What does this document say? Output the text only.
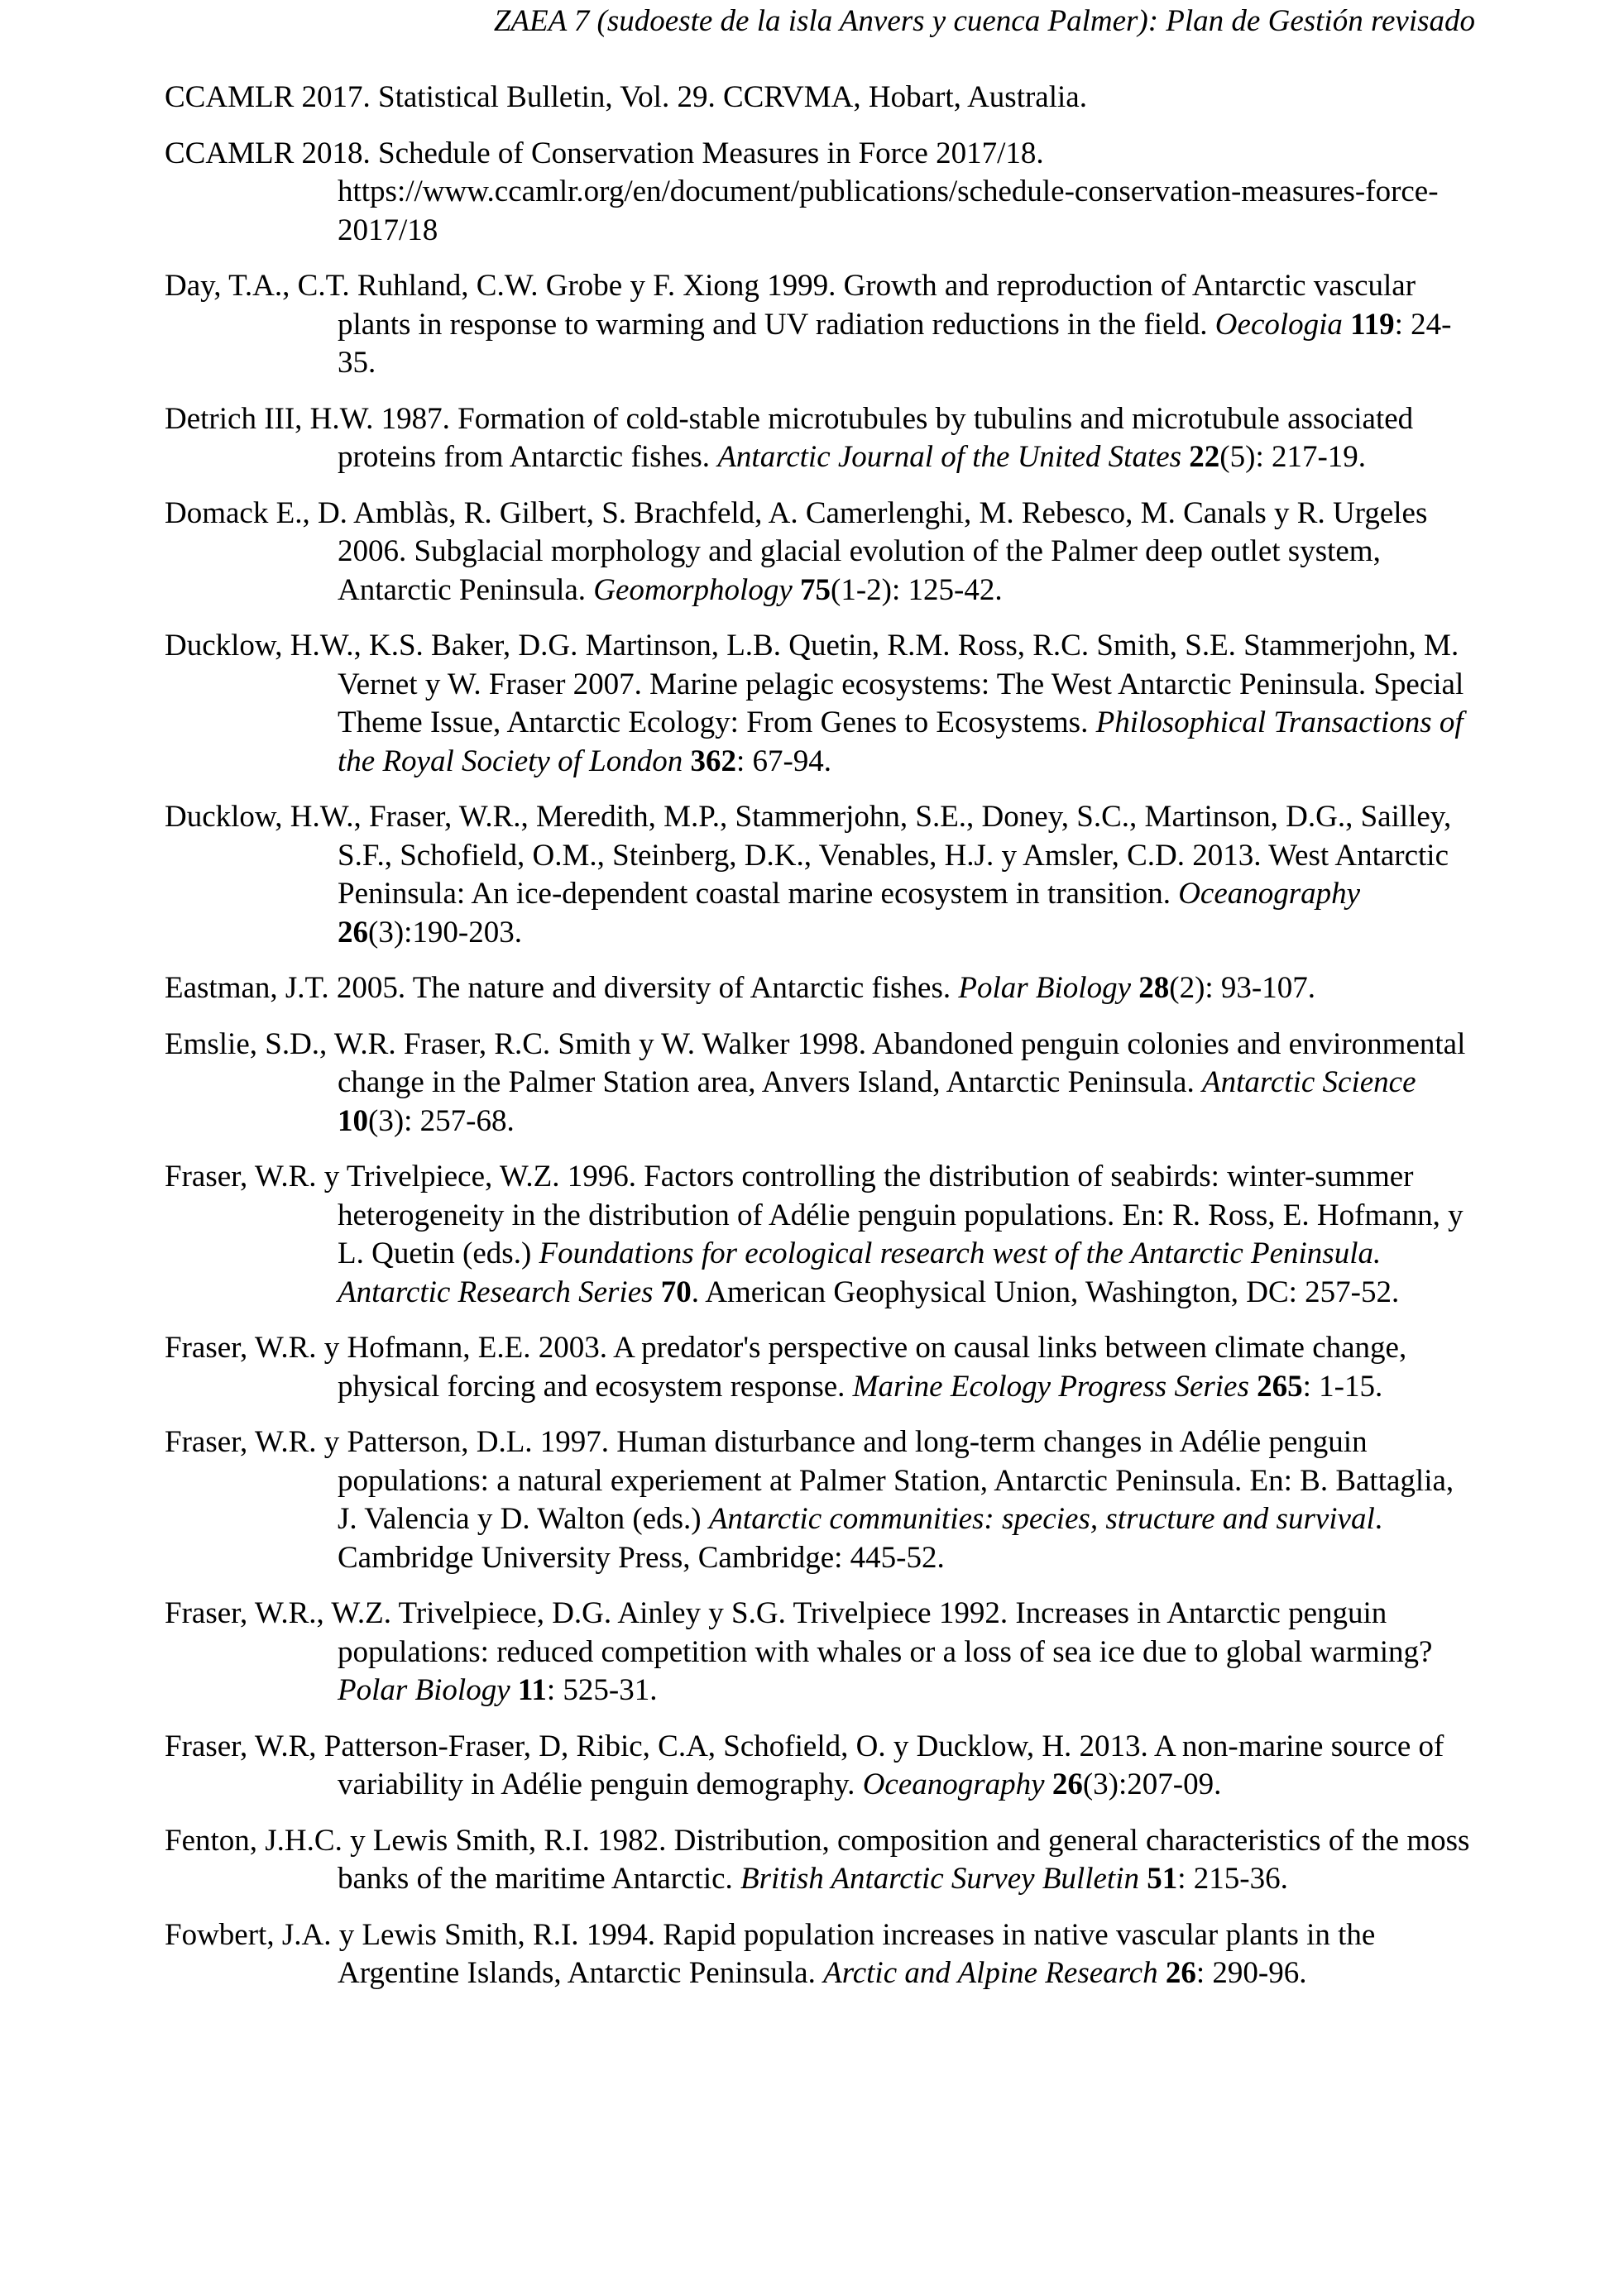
ZAEA 7 (sudoeste de la isla Anvers y cuenca Palmer): Plan de Gestión revisado

CCAMLR 2017. Statistical Bulletin, Vol. 29. CCRVMA, Hobart, Australia.

CCAMLR 2018. Schedule of Conservation Measures in Force 2017/18. https://www.ccamlr.org/en/document/publications/schedule-conservation-measures-force-2017/18

Day, T.A., C.T. Ruhland, C.W. Grobe y F. Xiong 1999. Growth and reproduction of Antarctic vascular plants in response to warming and UV radiation reductions in the field. Oecologia 119: 24-35.

Detrich III, H.W. 1987. Formation of cold-stable microtubules by tubulins and microtubule associated proteins from Antarctic fishes. Antarctic Journal of the United States 22(5): 217-19.

Domack E., D. Amblàs, R. Gilbert, S. Brachfeld, A. Camerlenghi, M. Rebesco, M. Canals y R. Urgeles 2006. Subglacial morphology and glacial evolution of the Palmer deep outlet system, Antarctic Peninsula. Geomorphology 75(1-2): 125-42.

Ducklow, H.W., K.S. Baker, D.G. Martinson, L.B. Quetin, R.M. Ross, R.C. Smith, S.E. Stammerjohn, M. Vernet y W. Fraser 2007. Marine pelagic ecosystems: The West Antarctic Peninsula. Special Theme Issue, Antarctic Ecology: From Genes to Ecosystems. Philosophical Transactions of the Royal Society of London 362: 67-94.

Ducklow, H.W., Fraser, W.R., Meredith, M.P., Stammerjohn, S.E., Doney, S.C., Martinson, D.G., Sailley, S.F., Schofield, O.M., Steinberg, D.K., Venables, H.J. y Amsler, C.D. 2013. West Antarctic Peninsula: An ice-dependent coastal marine ecosystem in transition. Oceanography 26(3):190-203.

Eastman, J.T. 2005. The nature and diversity of Antarctic fishes. Polar Biology 28(2): 93-107.

Emslie, S.D., W.R. Fraser, R.C. Smith y W. Walker 1998. Abandoned penguin colonies and environmental change in the Palmer Station area, Anvers Island, Antarctic Peninsula. Antarctic Science 10(3): 257-68.

Fraser, W.R. y Trivelpiece, W.Z. 1996. Factors controlling the distribution of seabirds: winter-summer heterogeneity in the distribution of Adélie penguin populations. En: R. Ross, E. Hofmann, y L. Quetin (eds.) Foundations for ecological research west of the Antarctic Peninsula. Antarctic Research Series 70. American Geophysical Union, Washington, DC: 257-52.

Fraser, W.R. y Hofmann, E.E. 2003. A predator's perspective on causal links between climate change, physical forcing and ecosystem response. Marine Ecology Progress Series 265: 1-15.

Fraser, W.R. y Patterson, D.L. 1997. Human disturbance and long-term changes in Adélie penguin populations: a natural experiement at Palmer Station, Antarctic Peninsula. En: B. Battaglia, J. Valencia y D. Walton (eds.) Antarctic communities: species, structure and survival. Cambridge University Press, Cambridge: 445-52.

Fraser, W.R., W.Z. Trivelpiece, D.G. Ainley y S.G. Trivelpiece 1992. Increases in Antarctic penguin populations: reduced competition with whales or a loss of sea ice due to global warming? Polar Biology 11: 525-31.

Fraser, W.R, Patterson-Fraser, D, Ribic, C.A, Schofield, O. y Ducklow, H. 2013. A non-marine source of variability in Adélie penguin demography. Oceanography 26(3):207-09.

Fenton, J.H.C. y Lewis Smith, R.I. 1982. Distribution, composition and general characteristics of the moss banks of the maritime Antarctic. British Antarctic Survey Bulletin 51: 215-36.

Fowbert, J.A. y Lewis Smith, R.I. 1994. Rapid population increases in native vascular plants in the Argentine Islands, Antarctic Peninsula. Arctic and Alpine Research 26: 290-96.
